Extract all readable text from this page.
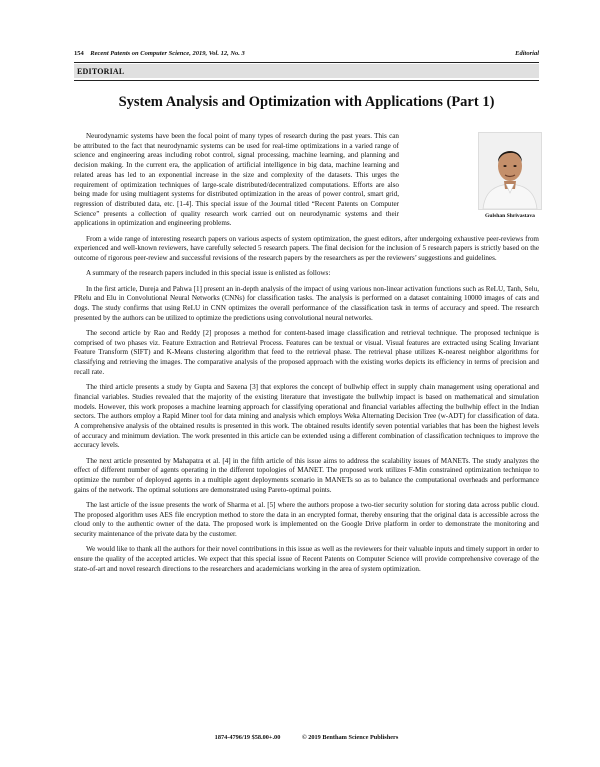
154 Recent Patents on Computer Science, 2019, Vol. 12, No. 3	Editorial
EDITORIAL
System Analysis and Optimization with Applications (Part 1)
Gulshan Shrivastava

Neurodynamic systems have been the focal point of many types of research during the past years. This can be attributed to the fact that neurodynamic systems can be used for real-time optimizations in a varied range of science and engineering areas including robot control, signal processing, machine learning, and planning and decision making. In the current era, the application of artificial intelligence in big data, machine learning and related areas has led to an exponential increase in the size and complexity of the datasets. This urges the requirement of optimization techniques of large-scale distributed/decentralized computations. Efforts are also being made for using multiagent systems for distributed optimization in the areas of power control, smart grid, regression of distributed data, etc. [1-4]. This special issue of the Journal titled “Recent Patents on Computer Science” presents a collection of quality research work carried out on neurodynamic systems and their applications in optimization and engineering problems.

From a wide range of interesting research papers on various aspects of system optimization, the guest editors, after undergoing exhaustive peer-reviews from experienced and well-known reviewers, have carefully selected 5 research papers. The final decision for the inclusion of 5 research papers is strictly based on the outcome of rigorous peer-review and successful revisions of the research papers by the researchers as per the reviewers’ suggestions and guidelines.

A summary of the research papers included in this special issue is enlisted as follows:

In the first article, Dureja and Pahwa [1] present an in-depth analysis of the impact of using various non-linear activation functions such as ReLU, Tanh, Selu, PRelu and Elu in Convolutional Neural Networks (CNNs) for classification tasks. The analysis is performed on a dataset containing 10000 images of cats and dogs. The study confirms that using ReLU in CNN optimizes the overall performance of the classification task in terms of accuracy and speed. The research presented by the authors can be utilized to optimize the predictions using convolutional neural networks.

The second article by Rao and Reddy [2] proposes a method for content-based image classification and retrieval technique. The proposed technique is comprised of two phases viz. Feature Extraction and Retrieval Process. Features can be textual or visual. Visual features are extracted using Scaling Invariant Feature Transform (SIFT) and K-Means clustering algorithm that feed to the retrieval phase. The retrieval phase utilizes K-nearest neighbor algorithms for classifying and retrieving the images. The comparative analysis of the proposed approach with the existing works depicts its efficiency in terms of precision and recall rate.

The third article presents a study by Gupta and Saxena [3] that explores the concept of bullwhip effect in supply chain management using operational and financial variables. Studies revealed that the majority of the existing literature that investigate the bullwhip impact is based on mathematical and simulation models. However, this work proposes a machine learning approach for classifying operational and financial variables affecting the bullwhip effect in the Indian sectors. The authors employ a Rapid Miner tool for data mining and analysis which employs Weka Alternating Decision Tree (w-ADT) for classification of data. A comprehensive analysis of the obtained results is presented in this work. The obtained results identify seven potential variables that has been the highest levels of accuracy and minimum deviation. The work presented in this article can be extended using a different combination of classification techniques to improve the accuracy levels.

The next article presented by Mahapatra et al. [4] in the fifth article of this issue aims to address the scalability issues of MANETs. The study analyzes the effect of different number of agents operating in the different topologies of MANET. The proposed work utilizes F-Min constrained optimization technique to optimize the number of deployed agents in a multiple agent deployments scenario in MANETs so as to balance the computational overheads and performance gains of the network. The optimal solutions are demonstrated using Pareto-optimal points.

The last article of the issue presents the work of Sharma et al. [5] where the authors propose a two-tier security solution for storing data across public cloud. The proposed algorithm uses AES file encryption method to store the data in an encrypted format, thereby ensuring that the original data is accessible across the cloud only to the authentic owner of the data. The proposed work is implemented on the Google Drive platform in order to demonstrate the monitoring and security maintenance of the private data by the customer.

We would like to thank all the authors for their novel contributions in this issue as well as the reviewers for their valuable inputs and timely support in order to ensure the quality of the accepted articles. We expect that this special issue of Recent Patents on Computer Science will provide comprehensive coverage of the state-of-art and novel research directions to the researchers and academicians working in the area of system optimization.

1874-4796/19 $58.00+.00	© 2019 Bentham Science Publishers
